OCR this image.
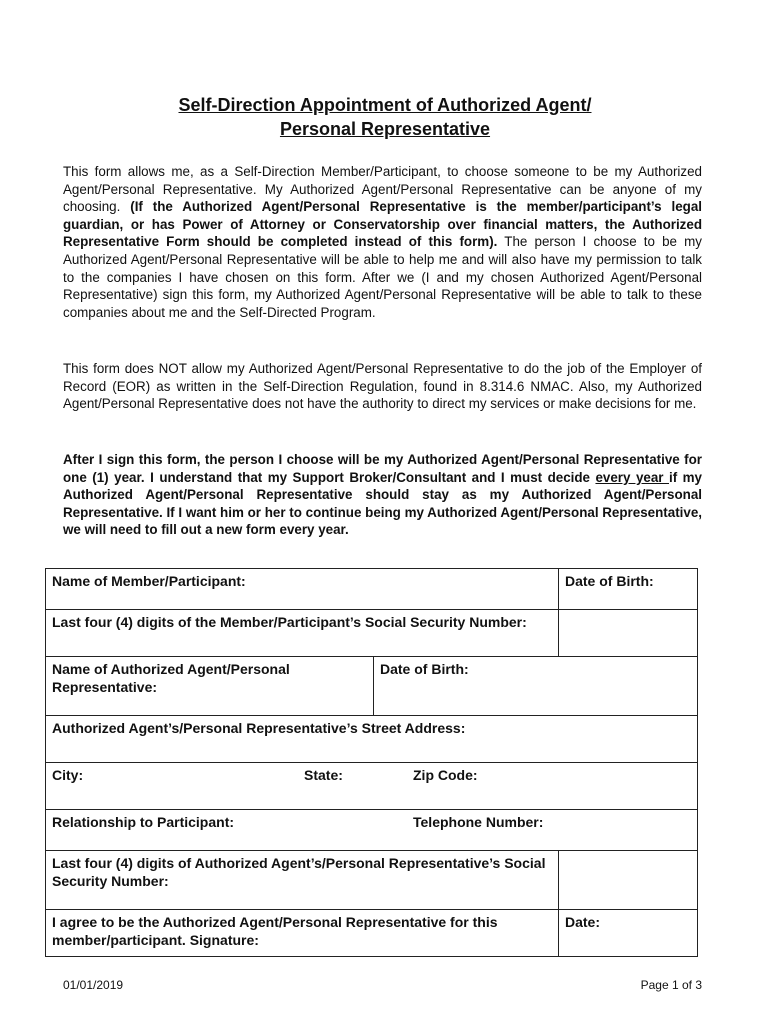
Self-Direction Appointment of Authorized Agent/
Personal Representative
This form allows me, as a Self-Direction Member/Participant, to choose someone to be my Authorized Agent/Personal Representative. My Authorized Agent/Personal Representative can be anyone of my choosing. (If the Authorized Agent/Personal Representative is the member/participant’s legal guardian, or has Power of Attorney or Conservatorship over financial matters, the Authorized Representative Form should be completed instead of this form). The person I choose to be my Authorized Agent/Personal Representative will be able to help me and will also have my permission to talk to the companies I have chosen on this form. After we (I and my chosen Authorized Agent/Personal Representative) sign this form, my Authorized Agent/Personal Representative will be able to talk to these companies about me and the Self-Directed Program.
This form does NOT allow my Authorized Agent/Personal Representative to do the job of the Employer of Record (EOR) as written in the Self-Direction Regulation, found in 8.314.6 NMAC. Also, my Authorized Agent/Personal Representative does not have the authority to direct my services or make decisions for me.
After I sign this form, the person I choose will be my Authorized Agent/Personal Representative for one (1) year. I understand that my Support Broker/Consultant and I must decide every year if my Authorized Agent/Personal Representative should stay as my Authorized Agent/Personal Representative. If I want him or her to continue being my Authorized Agent/Personal Representative, we will need to fill out a new form every year.
Name of Member/Participant:		Date of Birth:
Last four (4) digits of the Member/Participant’s Social Security Number:		
Name of Authorized Agent/Personal Representative:	Date of Birth:	
Authorized Agent’s/Personal Representative’s Street Address:		

City: State: Zip Code:		

Relationship to Participant: Telephone Number:		

Last four (4) digits of Authorized Agent’s/Personal Representative’s Social Security Number:		
I agree to be the Authorized Agent/Personal Representative for this member/participant. Signature:		Date:
01/01/2019	Page 1 of 3
